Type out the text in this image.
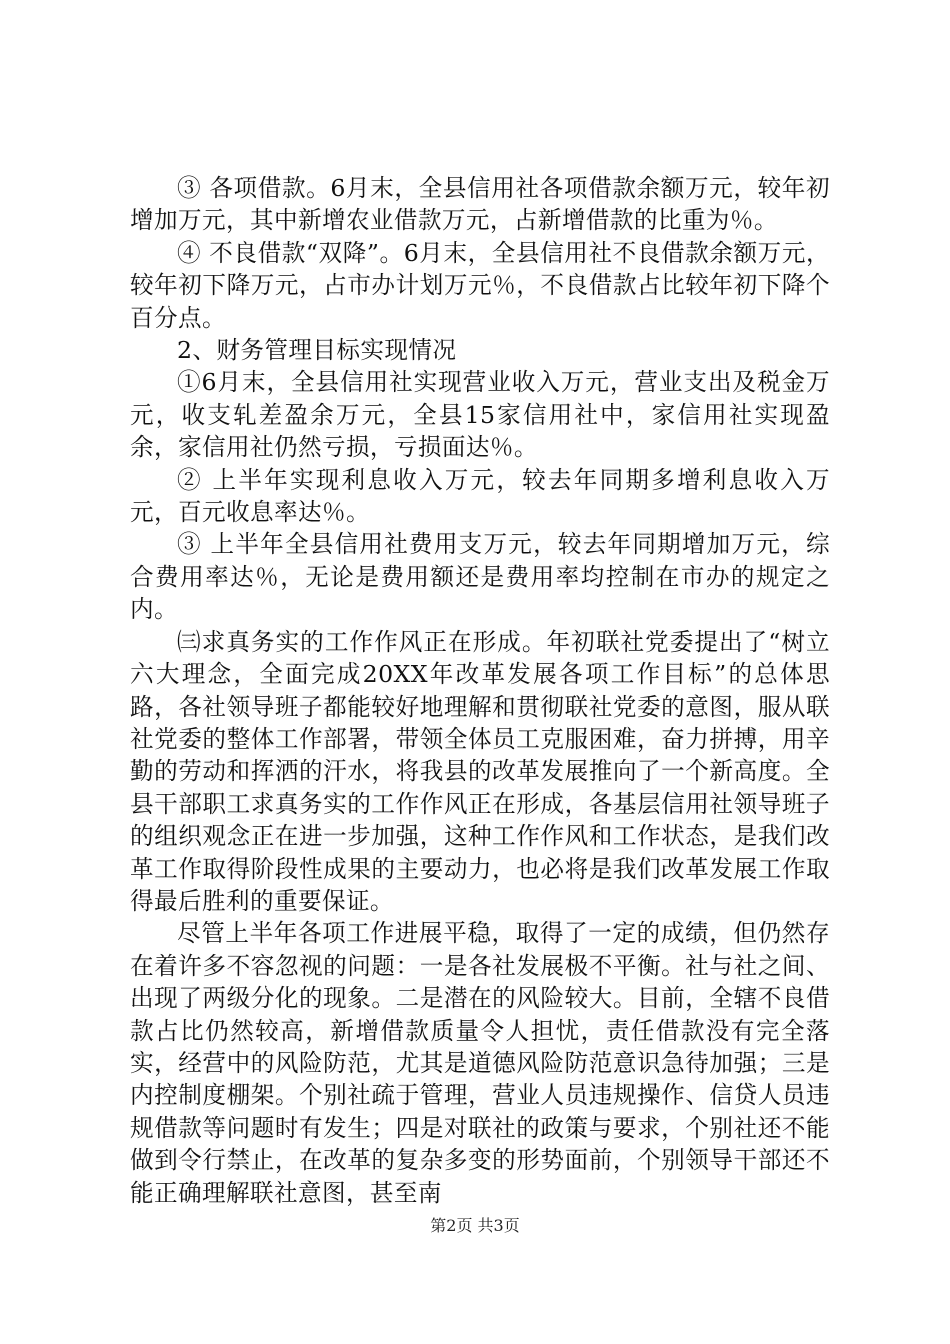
③ 各项借款。6月末，全县信用社各项借款余额万元，较年初增加万元，其中新增农业借款万元，占新增借款的比重为％。

④ 不良借款“双降”。6月末，全县信用社不良借款余额万元，较年初下降万元，占市办计划万元％，不良借款占比较年初下降个百分点。

2、财务管理目标实现情况

①6月末，全县信用社实现营业收入万元，营业支出及税金万元，收支轧差盈余万元，全县15家信用社中，家信用社实现盈余，家信用社仍然亏损，亏损面达％。

② 上半年实现利息收入万元，较去年同期多增利息收入万元，百元收息率达％。

③ 上半年全县信用社费用支万元，较去年同期增加万元，综合费用率达％，无论是费用额还是费用率均控制在市办的规定之内。

㈢求真务实的工作作风正在形成。年初联社党委提出了“树立六大理念，全面完成20XX年改革发展各项工作目标”的总体思路，各社领导班子都能较好地理解和贯彻联社党委的意图，服从联社党委的整体工作部署，带领全体员工克服困难，奋力拼搏，用辛勤的劳动和挥洒的汗水，将我县的改革发展推向了一个新高度。全县干部职工求真务实的工作作风正在形成，各基层信用社领导班子的组织观念正在进一步加强，这种工作作风和工作状态，是我们改革工作取得阶段性成果的主要动力，也必将是我们改革发展工作取得最后胜利的重要保证。

尽管上半年各项工作进展平稳，取得了一定的成绩，但仍然存在着许多不容忽视的问题：一是各社发展极不平衡。社与社之间、出现了两级分化的现象。二是潜在的风险较大。目前，全辖不良借款占比仍然较高，新增借款质量令人担忧，责任借款没有完全落实，经营中的风险防范，尤其是道德风险防范意识急待加强；三是内控制度棚架。个别社疏于管理，营业人员违规操作、信贷人员违规借款等问题时有发生；四是对联社的政策与要求，个别社还不能做到令行禁止，在改革的复杂多变的形势面前，个别领导干部还不能正确理解联社意图，甚至南

第2页 共3页
